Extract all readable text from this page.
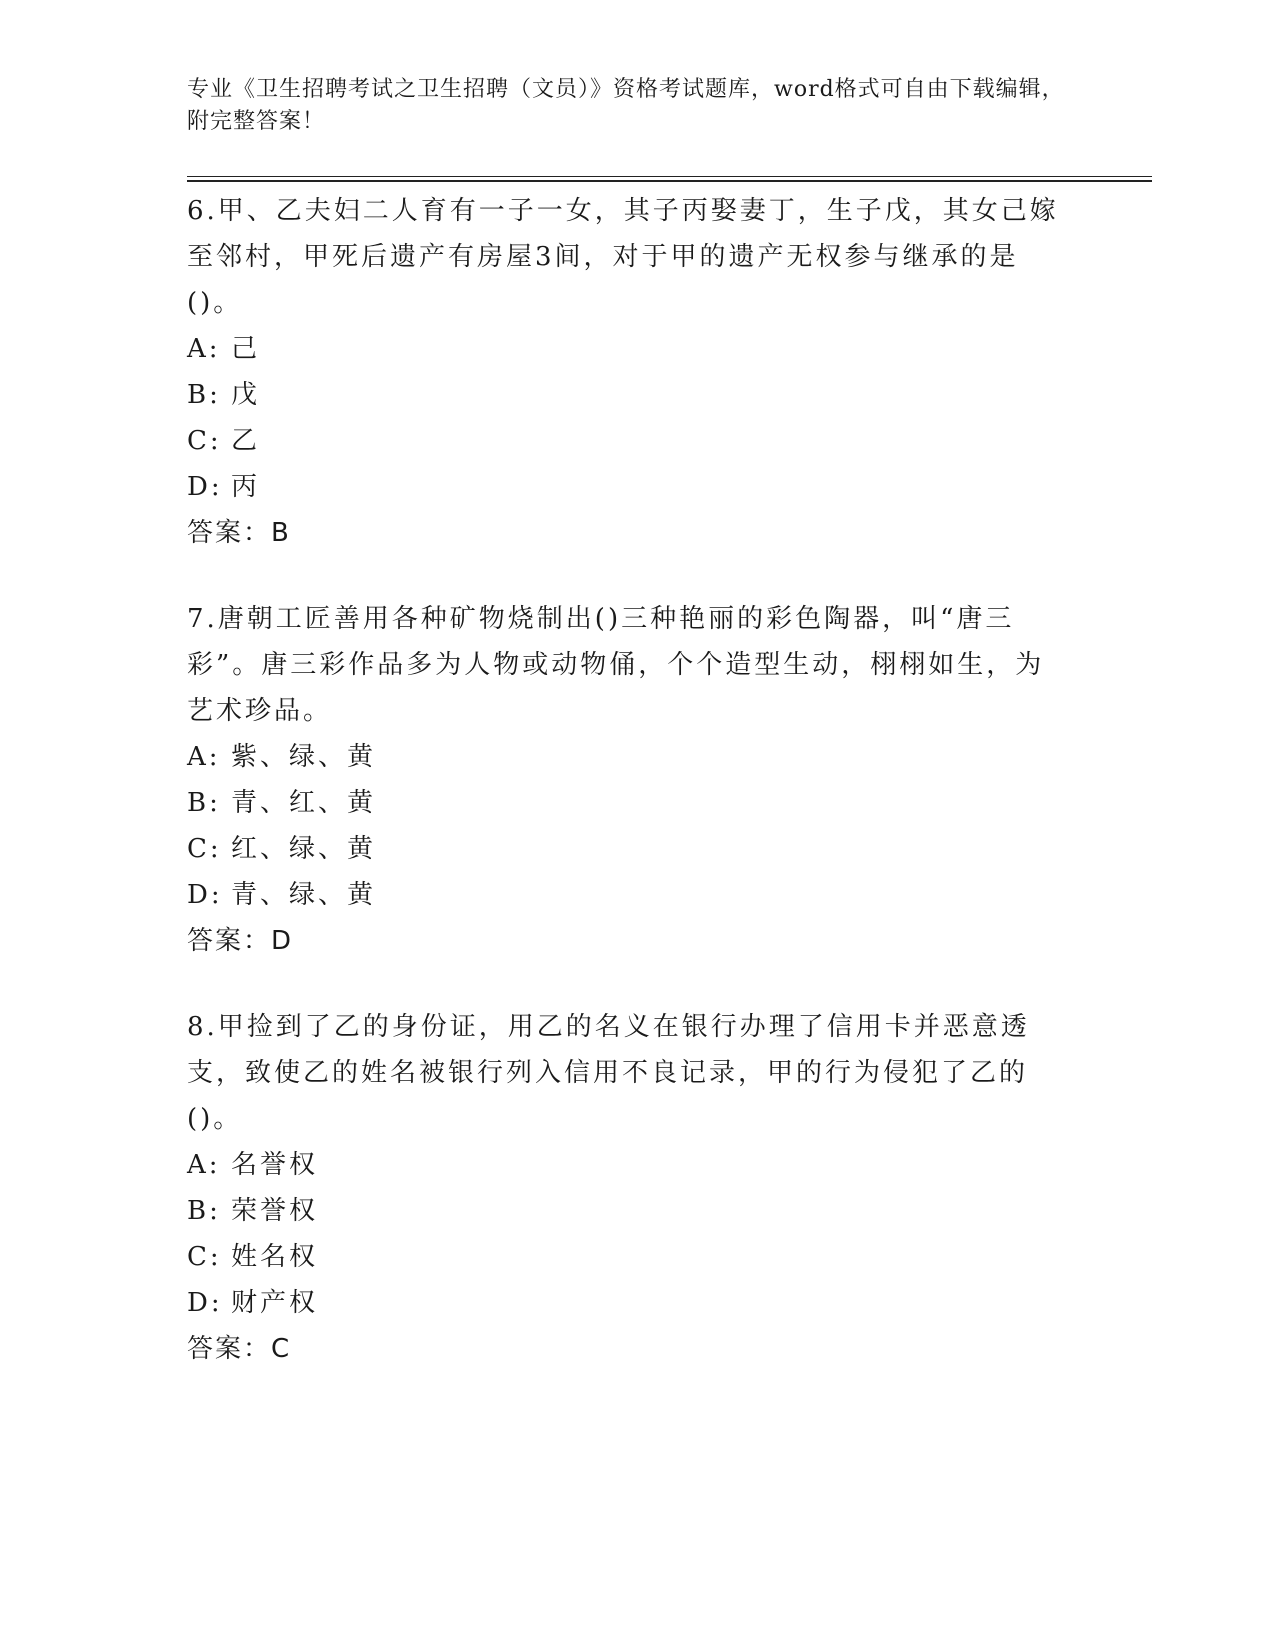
专业《卫生招聘考试之卫生招聘（文员）》资格考试题库，word格式可自由下载编辑，附完整答案！

6.甲、乙夫妇二人育有一子一女，其子丙娶妻丁，生子戊，其女己嫁至邻村，甲死后遗产有房屋3间，对于甲的遗产无权参与继承的是()。

A: 己
B: 戊
C: 乙
D: 丙

答案：B

7.唐朝工匠善用各种矿物烧制出()三种艳丽的彩色陶器，叫“唐三彩”。唐三彩作品多为人物或动物俑，个个造型生动，栩栩如生，为艺术珍品。

A: 紫、绿、黄
B: 青、红、黄
C: 红、绿、黄
D: 青、绿、黄

答案：D

8.甲捡到了乙的身份证，用乙的名义在银行办理了信用卡并恶意透支，致使乙的姓名被银行列入信用不良记录，甲的行为侵犯了乙的()。

A: 名誉权
B: 荣誉权
C: 姓名权
D: 财产权

答案：C
